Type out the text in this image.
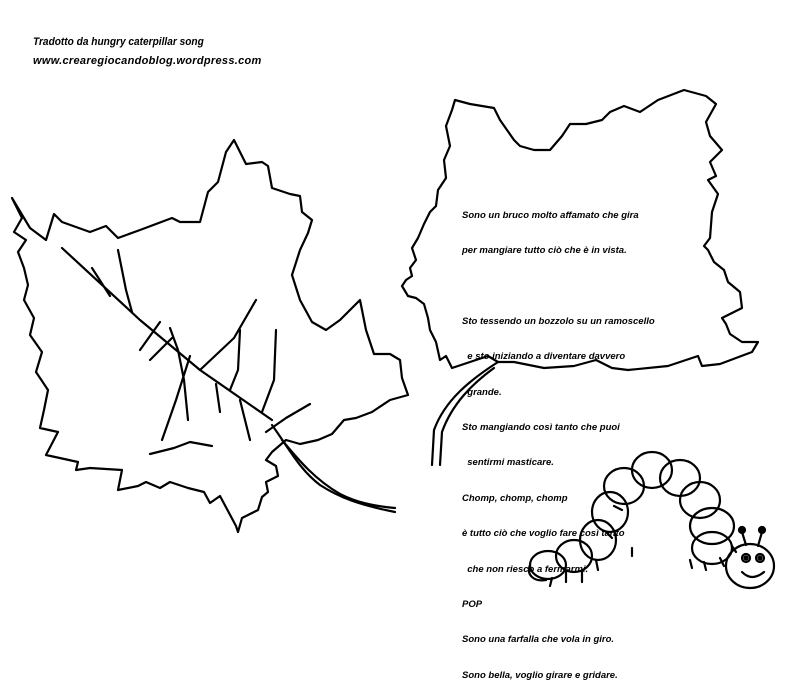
Tradotto da hungry caterpillar song
www.crearegiocandoblog.wordpress.com

Sono un bruco molto affamato che gira

per mangiare tutto ciò che è in vista.

Sto tessendo un bozzolo su un ramoscello

e sto iniziando a diventare davvero

grande.

Sto mangiando così tanto che puoi

sentirmi masticare.

Chomp, chomp, chomp

è tutto ciò che voglio fare così tanto

che non riesco a fermarmi.

POP

Sono una farfalla che vola in giro.

Sono bella, voglio girare e gridare.
